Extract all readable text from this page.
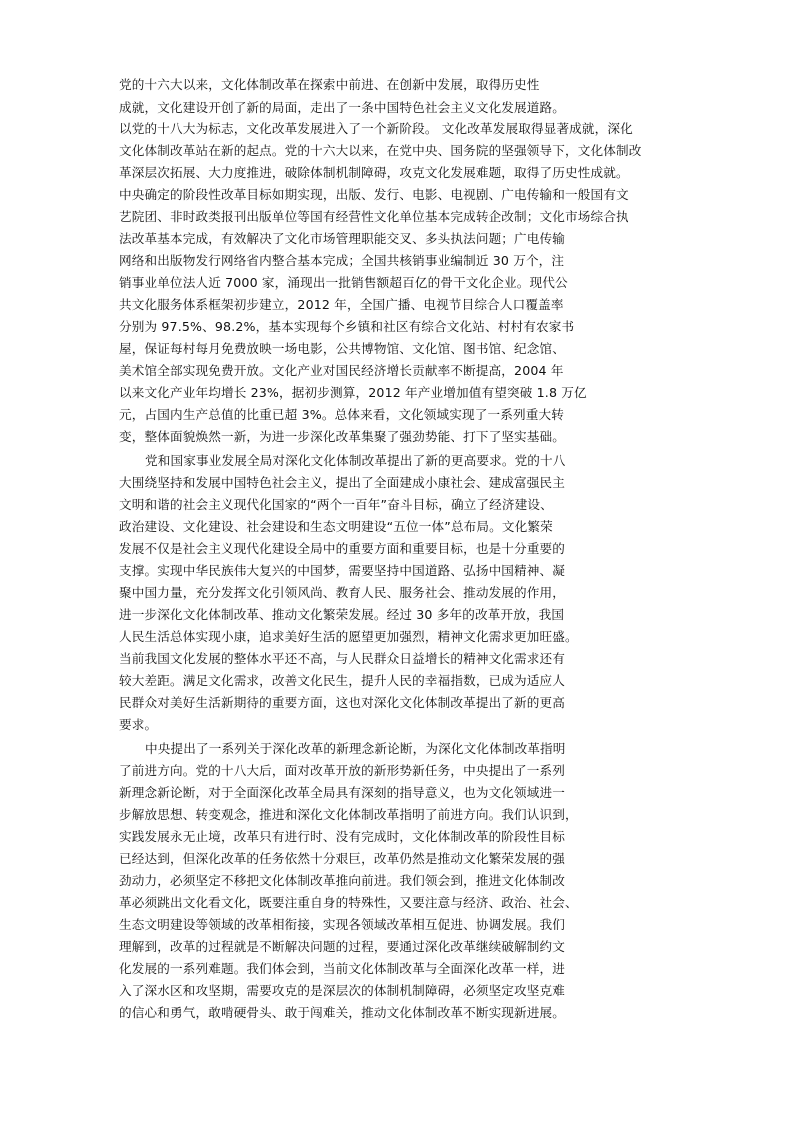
党的十六大以来，文化体制改革在探索中前进、在创新中发展，取得历史性
成就，文化建设开创了新的局面，走出了一条中国特色社会主义文化发展道路。
以党的十八大为标志，文化改革发展进入了一个新阶段。 文化改革发展取得显著成就，深化
文化体制改革站在新的起点。党的十六大以来，在党中央、国务院的坚强领导下，文化体制改
革深层次拓展、大力度推进，破除体制机制障碍，攻克文化发展难题，取得了历史性成就。
中央确定的阶段性改革目标如期实现，出版、发行、电影、电视剧、广电传输和一般国有文
艺院团、非时政类报刊出版单位等国有经营性文化单位基本完成转企改制；文化市场综合执
法改革基本完成，有效解决了文化市场管理职能交叉、多头执法问题；广电传输
网络和出版物发行网络省内整合基本完成；全国共核销事业编制近 30 万个，注
销事业单位法人近 7000 家，涌现出一批销售额超百亿的骨干文化企业。现代公
共文化服务体系框架初步建立，2012 年，全国广播、电视节目综合人口覆盖率
分别为 97.5%、98.2%，基本实现每个乡镇和社区有综合文化站、村村有农家书
屋，保证每村每月免费放映一场电影，公共博物馆、文化馆、图书馆、纪念馆、
美术馆全部实现免费开放。文化产业对国民经济增长贡献率不断提高，2004 年
以来文化产业年均增长 23%，据初步测算，2012 年产业增加值有望突破 1.8 万亿
元，占国内生产总值的比重已超 3%。总体来看，文化领域实现了一系列重大转
变，整体面貌焕然一新，为进一步深化改革集聚了强劲势能、打下了坚实基础。
党和国家事业发展全局对深化文化体制改革提出了新的更高要求。党的十八
大围绕坚持和发展中国特色社会主义，提出了全面建成小康社会、建成富强民主
文明和谐的社会主义现代化国家的“两个一百年”奋斗目标，确立了经济建设、
政治建设、文化建设、社会建设和生态文明建设“五位一体”总布局。文化繁荣
发展不仅是社会主义现代化建设全局中的重要方面和重要目标，也是十分重要的
支撑。实现中华民族伟大复兴的中国梦，需要坚持中国道路、弘扬中国精神、凝
聚中国力量，充分发挥文化引领风尚、教育人民、服务社会、推动发展的作用，
进一步深化文化体制改革、推动文化繁荣发展。经过 30 多年的改革开放，我国
人民生活总体实现小康，追求美好生活的愿望更加强烈，精神文化需求更加旺盛。
当前我国文化发展的整体水平还不高，与人民群众日益增长的精神文化需求还有
较大差距。满足文化需求，改善文化民生，提升人民的幸福指数，已成为适应人
民群众对美好生活新期待的重要方面，这也对深化文化体制改革提出了新的更高
要求。
中央提出了一系列关于深化改革的新理念新论断，为深化文化体制改革指明
了前进方向。党的十八大后，面对改革开放的新形势新任务，中央提出了一系列
新理念新论断，对于全面深化改革全局具有深刻的指导意义，也为文化领域进一
步解放思想、转变观念，推进和深化文化体制改革指明了前进方向。我们认识到，
实践发展永无止境，改革只有进行时、没有完成时，文化体制改革的阶段性目标
已经达到，但深化改革的任务依然十分艰巨，改革仍然是推动文化繁荣发展的强
劲动力，必须坚定不移把文化体制改革推向前进。我们领会到，推进文化体制改
革必须跳出文化看文化，既要注重自身的特殊性，又要注意与经济、政治、社会、
生态文明建设等领域的改革相衔接，实现各领域改革相互促进、协调发展。我们
理解到，改革的过程就是不断解决问题的过程，要通过深化改革继续破解制约文
化发展的一系列难题。我们体会到，当前文化体制改革与全面深化改革一样，进
入了深水区和攻坚期，需要攻克的是深层次的体制机制障碍，必须坚定攻坚克难
的信心和勇气，敢啃硬骨头、敢于闯难关，推动文化体制改革不断实现新进展。
